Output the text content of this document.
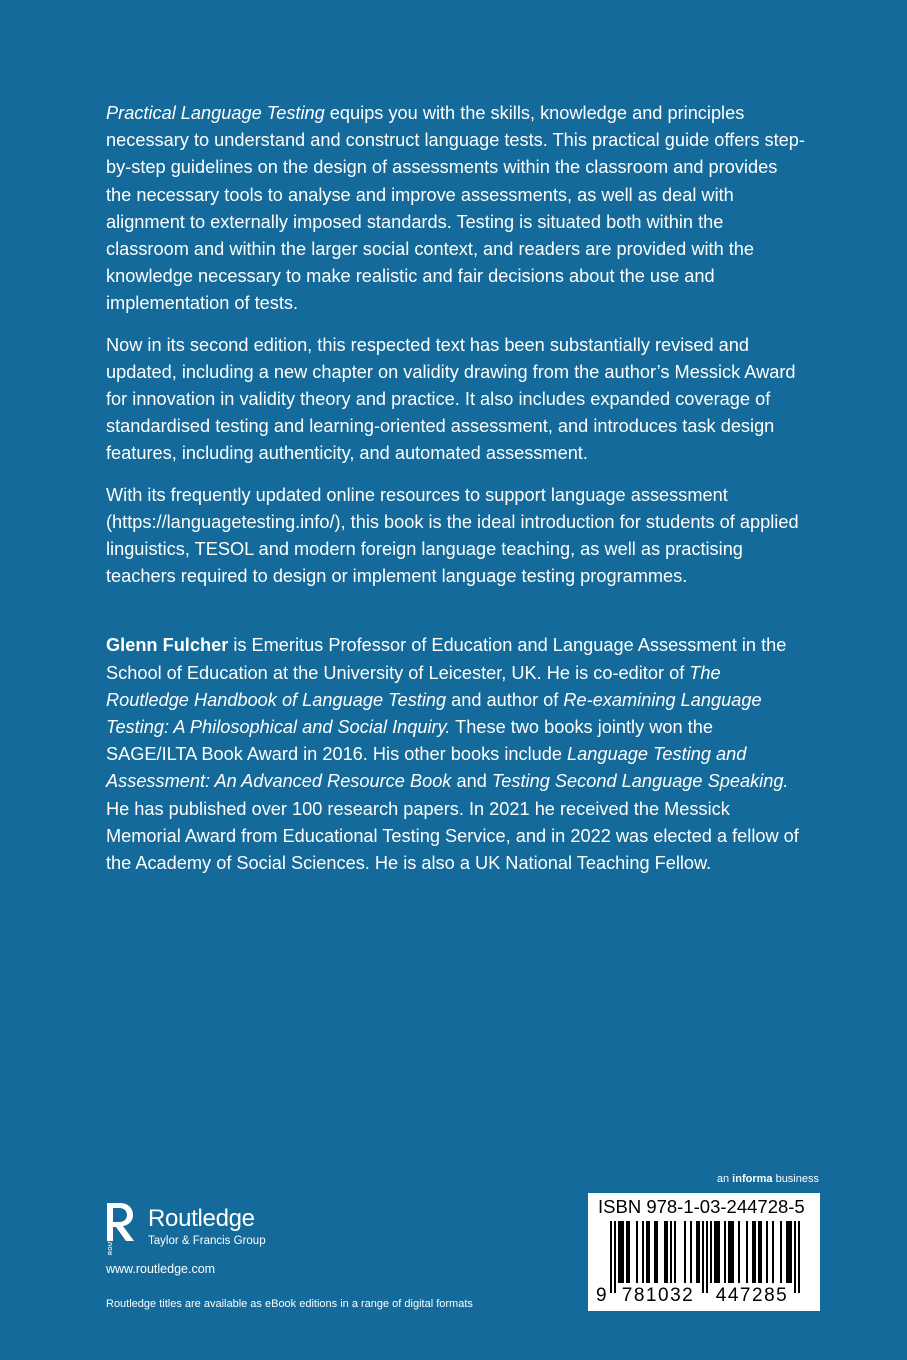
Practical Language Testing equips you with the skills, knowledge and principles necessary to understand and construct language tests. This practical guide offers step-by-step guidelines on the design of assessments within the classroom and provides the necessary tools to analyse and improve assessments, as well as deal with alignment to externally imposed standards. Testing is situated both within the classroom and within the larger social context, and readers are provided with the knowledge necessary to make realistic and fair decisions about the use and implementation of tests.

Now in its second edition, this respected text has been substantially revised and updated, including a new chapter on validity drawing from the author’s Messick Award for innovation in validity theory and practice. It also includes expanded coverage of standardised testing and learning-oriented assessment, and introduces task design features, including authenticity, and automated assessment.

With its frequently updated online resources to support language assessment (https://languagetesting.info/), this book is the ideal introduction for students of applied linguistics, TESOL and modern foreign language teaching, as well as practising teachers required to design or implement language testing programmes.

Glenn Fulcher is Emeritus Professor of Education and Language Assessment in the School of Education at the University of Leicester, UK. He is co-editor of The Routledge Handbook of Language Testing and author of Re-examining Language Testing: A Philosophical and Social Inquiry. These two books jointly won the SAGE/ILTA Book Award in 2016. His other books include Language Testing and Assessment: An Advanced Resource Book and Testing Second Language Speaking. He has published over 100 research papers. In 2021 he received the Messick Memorial Award from Educational Testing Service, and in 2022 was elected a fellow of the Academy of Social Sciences. He is also a UK National Teaching Fellow.

ROUTLEDGE Routledge
Taylor & Francis Group
www.routledge.com
Routledge titles are available as eBook editions in a range of digital formats
an informa business
ISBN 978-1-03-244728-5
9 781032 447285
